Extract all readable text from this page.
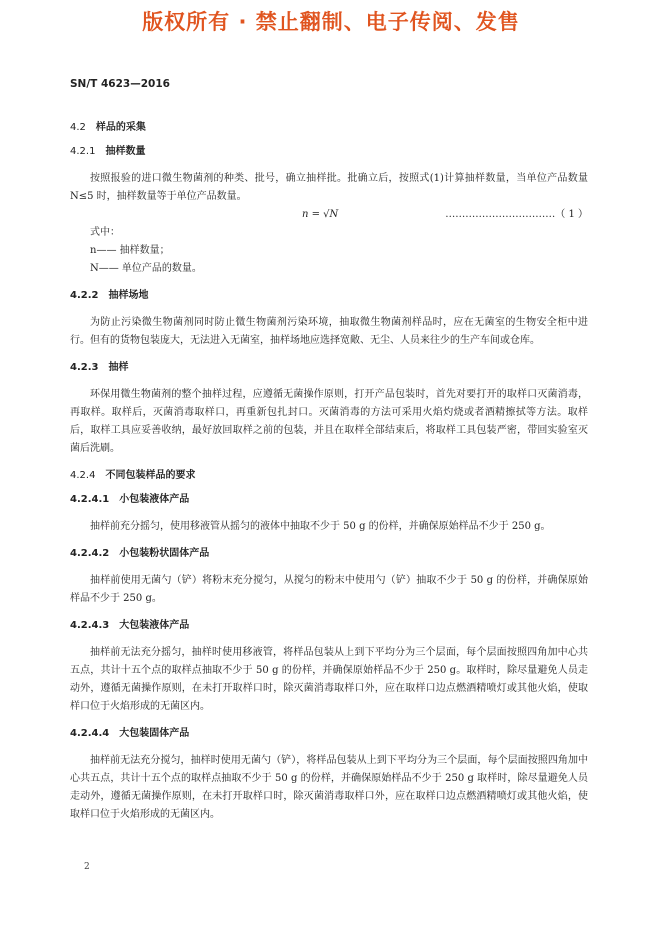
版权所有 · 禁止翻制、电子传阅、发售
SN/T 4623—2016
4.2 样品的采集
4.2.1 抽样数量

按照报验的进口微生物菌剂的种类、批号，确立抽样批。批确立后，按照式(1)计算抽样数量，当单位产品数量 N≤5 时，抽样数量等于单位产品数量。

n = √N	……………………………（ 1 ）
式中：
n—— 抽样数量；
N—— 单位产品的数量。
4.2.2 抽样场地

为防止污染微生物菌剂同时防止微生物菌剂污染环境，抽取微生物菌剂样品时，应在无菌室的生物安全柜中进行。但有的货物包装庞大，无法进入无菌室，抽样场地应选择宽敞、无尘、人员来往少的生产车间或仓库。

4.2.3 抽样

环保用微生物菌剂的整个抽样过程，应遵循无菌操作原则，打开产品包装时，首先对要打开的取样口灭菌消毒，再取样。取样后，灭菌消毒取样口，再重新包扎封口。灭菌消毒的方法可采用火焰灼烧或者酒精擦拭等方法。取样后，取样工具应妥善收纳，最好放回取样之前的包装，并且在取样全部结束后，将取样工具包装严密，带回实验室灭菌后洗刷。

4.2.4 不同包装样品的要求
4.2.4.1 小包装液体产品

抽样前充分摇匀，使用移液管从摇匀的液体中抽取不少于 50 g 的份样，并确保原始样品不少于 250 g。

4.2.4.2 小包装粉状固体产品

抽样前使用无菌勺（铲）将粉末充分搅匀，从搅匀的粉末中使用勺（铲）抽取不少于 50 g 的份样，并确保原始样品不少于 250 g。

4.2.4.3 大包装液体产品

抽样前无法充分摇匀，抽样时使用移液管，将样品包装从上到下平均分为三个层面，每个层面按照四角加中心共五点，共计十五个点的取样点抽取不少于 50 g 的份样，并确保原始样品不少于 250 g。取样时，除尽量避免人员走动外，遵循无菌操作原则，在未打开取样口时，除灭菌消毒取样口外，应在取样口边点燃酒精喷灯或其他火焰，使取样口位于火焰形成的无菌区内。

4.2.4.4 大包装固体产品

抽样前无法充分搅匀，抽样时使用无菌勺（铲），将样品包装从上到下平均分为三个层面，每个层面按照四角加中心共五点，共计十五个点的取样点抽取不少于 50 g 的份样，并确保原始样品不少于 250 g 取样时，除尽量避免人员走动外，遵循无菌操作原则，在未打开取样口时，除灭菌消毒取样口外，应在取样口边点燃酒精喷灯或其他火焰，使取样口位于火焰形成的无菌区内。

2
